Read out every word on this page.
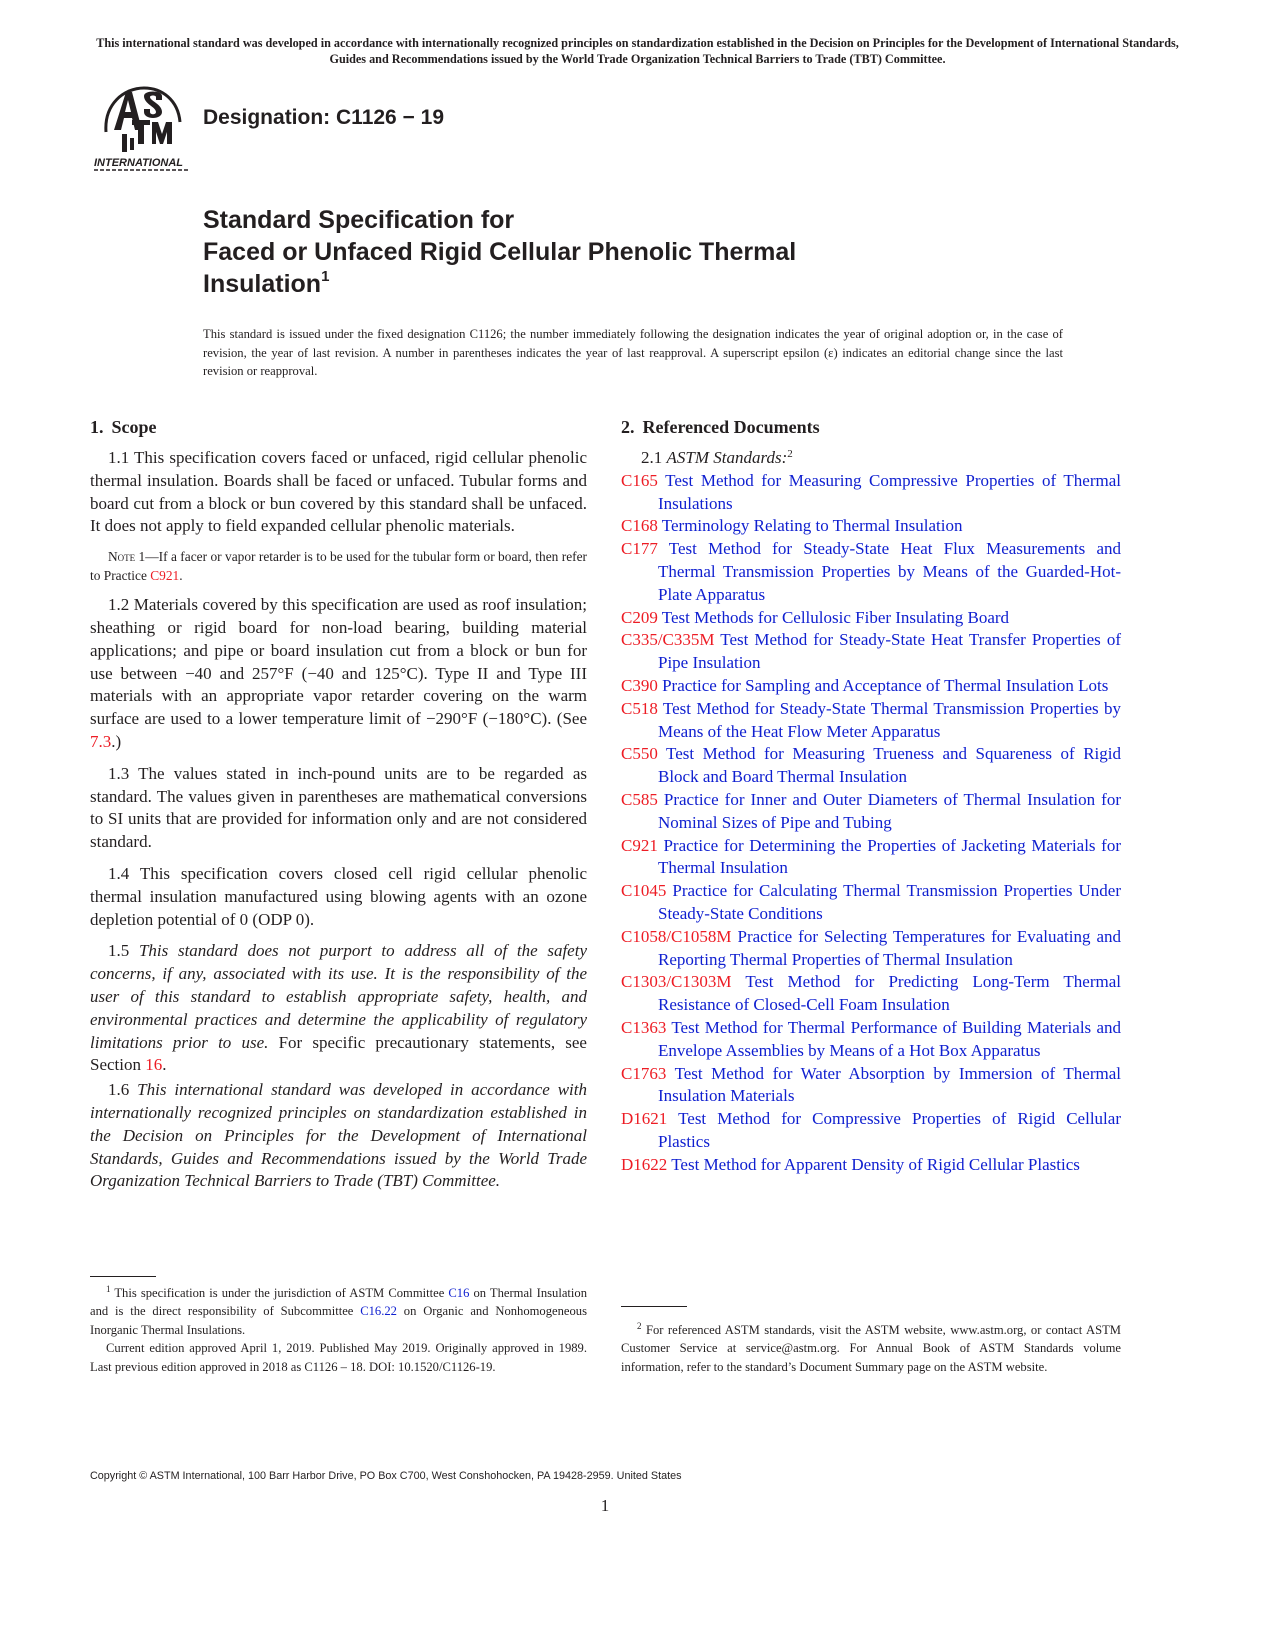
This international standard was developed in accordance with internationally recognized principles on standardization established in the Decision on Principles for the Development of International Standards, Guides and Recommendations issued by the World Trade Organization Technical Barriers to Trade (TBT) Committee.
INTERNATIONAL
Designation: C1126 − 19
Standard Specification for
Faced or Unfaced Rigid Cellular Phenolic Thermal
Insulation$^1$
This standard is issued under the fixed designation C1126; the number immediately following the designation indicates the year of original adoption or, in the case of revision, the year of last revision. A number in parentheses indicates the year of last reapproval. A superscript epsilon (ε) indicates an editorial change since the last revision or reapproval.
1. Scope

1.1 This specification covers faced or unfaced, rigid cellular phenolic thermal insulation. Boards shall be faced or unfaced. Tubular forms and board cut from a block or bun covered by this standard shall be unfaced. It does not apply to field expanded cellular phenolic materials.

Note 1—If a facer or vapor retarder is to be used for the tubular form or board, then refer to Practice C921.

1.2 Materials covered by this specification are used as roof insulation; sheathing or rigid board for non-load bearing, building material applications; and pipe or board insulation cut from a block or bun for use between −40 and 257°F (−40 and 125°C). Type II and Type III materials with an appropriate vapor retarder covering on the warm surface are used to a lower temperature limit of −290°F (−180°C). (See 7.3.)

1.3 The values stated in inch-pound units are to be regarded as standard. The values given in parentheses are mathematical conversions to SI units that are provided for information only and are not considered standard.

1.4 This specification covers closed cell rigid cellular phenolic thermal insulation manufactured using blowing agents with an ozone depletion potential of 0 (ODP 0).

1.5 This standard does not purport to address all of the safety concerns, if any, associated with its use. It is the responsibility of the user of this standard to establish appropriate safety, health, and environmental practices and determine the applicability of regulatory limitations prior to use. For specific precautionary statements, see Section 16.

1.6 This international standard was developed in accordance with internationally recognized principles on standardization established in the Decision on Principles for the Development of International Standards, Guides and Recommendations issued by the World Trade Organization Technical Barriers to Trade (TBT) Committee.

2. Referenced Documents

2.1 ASTM Standards:$^2$

C165 Test Method for Measuring Compressive Properties of Thermal Insulations

C168 Terminology Relating to Thermal Insulation

C177 Test Method for Steady-State Heat Flux Measurements and Thermal Transmission Properties by Means of the Guarded-Hot-Plate Apparatus

C209 Test Methods for Cellulosic Fiber Insulating Board

C335/C335M Test Method for Steady-State Heat Transfer Properties of Pipe Insulation

C390 Practice for Sampling and Acceptance of Thermal Insulation Lots

C518 Test Method for Steady-State Thermal Transmission Properties by Means of the Heat Flow Meter Apparatus

C550 Test Method for Measuring Trueness and Squareness of Rigid Block and Board Thermal Insulation

C585 Practice for Inner and Outer Diameters of Thermal Insulation for Nominal Sizes of Pipe and Tubing

C921 Practice for Determining the Properties of Jacketing Materials for Thermal Insulation

C1045 Practice for Calculating Thermal Transmission Properties Under Steady-State Conditions

C1058/C1058M Practice for Selecting Temperatures for Evaluating and Reporting Thermal Properties of Thermal Insulation

C1303/C1303M Test Method for Predicting Long-Term Thermal Resistance of Closed-Cell Foam Insulation

C1363 Test Method for Thermal Performance of Building Materials and Envelope Assemblies by Means of a Hot Box Apparatus

C1763 Test Method for Water Absorption by Immersion of Thermal Insulation Materials

D1621 Test Method for Compressive Properties of Rigid Cellular Plastics

D1622 Test Method for Apparent Density of Rigid Cellular Plastics

$^1$ This specification is under the jurisdiction of ASTM Committee C16 on Thermal Insulation and is the direct responsibility of Subcommittee C16.22 on Organic and Nonhomogeneous Inorganic Thermal Insulations.

Current edition approved April 1, 2019. Published May 2019. Originally approved in 1989. Last previous edition approved in 2018 as C1126 – 18. DOI: 10.1520/C1126-19.

$^2$ For referenced ASTM standards, visit the ASTM website, www.astm.org, or contact ASTM Customer Service at service@astm.org. For Annual Book of ASTM Standards volume information, refer to the standard’s Document Summary page on the ASTM website.

Copyright © ASTM International, 100 Barr Harbor Drive, PO Box C700, West Conshohocken, PA 19428-2959. United States
1
